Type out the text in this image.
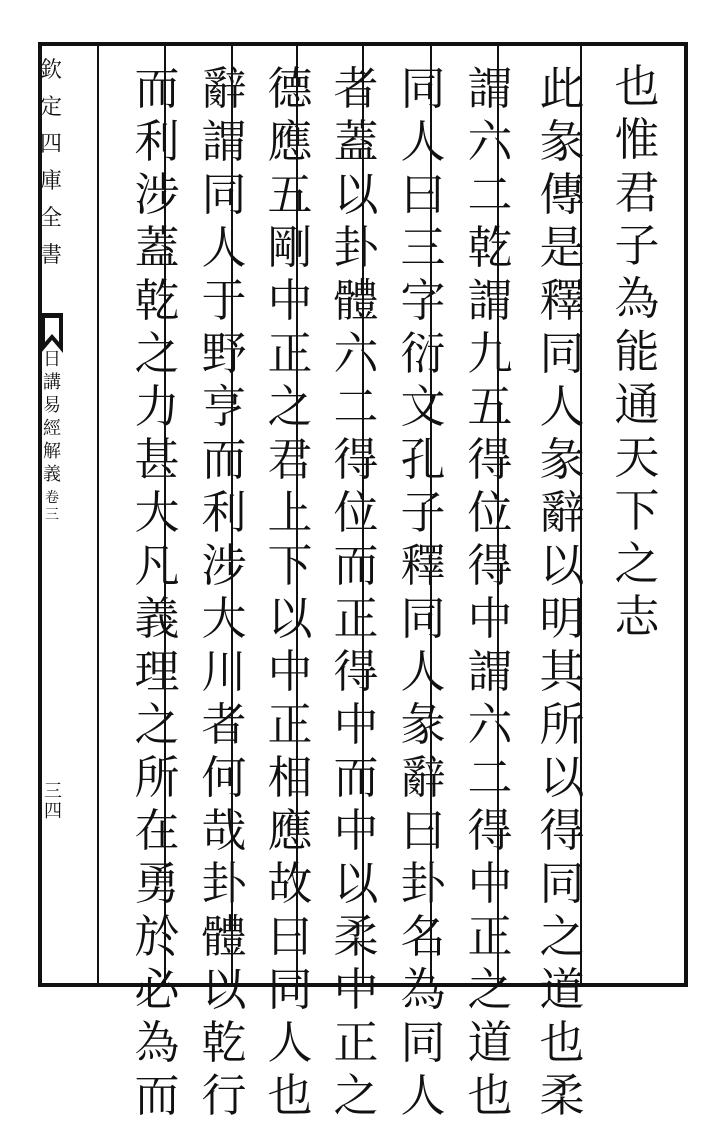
欽
定
四
庫
全
書
日
講
易
經
解
義
卷
三
三 四
也
惟
君
子
為
能
通
天
下
之
志
此
彖
傳
是
釋
同
人
彖
辭
以
明
其
所
以
得
同
之
道
也
柔
謂
六
二
乾
謂
九
五
得
位
得
中
謂
六
二
得
中
正
之
道
也
同
人
曰
三
字
衍
文
孔
子
釋
同
人
彖
辭
曰
卦
名
為
同
人
者
蓋
以
卦
體
六
二
得
位
而
正
得
中
而
中
以
柔
中
正
之
德
應
五
剛
中
正
之
君
上
下
以
中
正
相
應
故
曰
同
人
也
辭
謂
同
人
于
野
亨
而
利
涉
大
川
者
何
哉
卦
體
以
乾
行
而
利
涉
蓋
乾
之
力
甚
大
凡
義
理
之
所
在
勇
於
必
為
而
